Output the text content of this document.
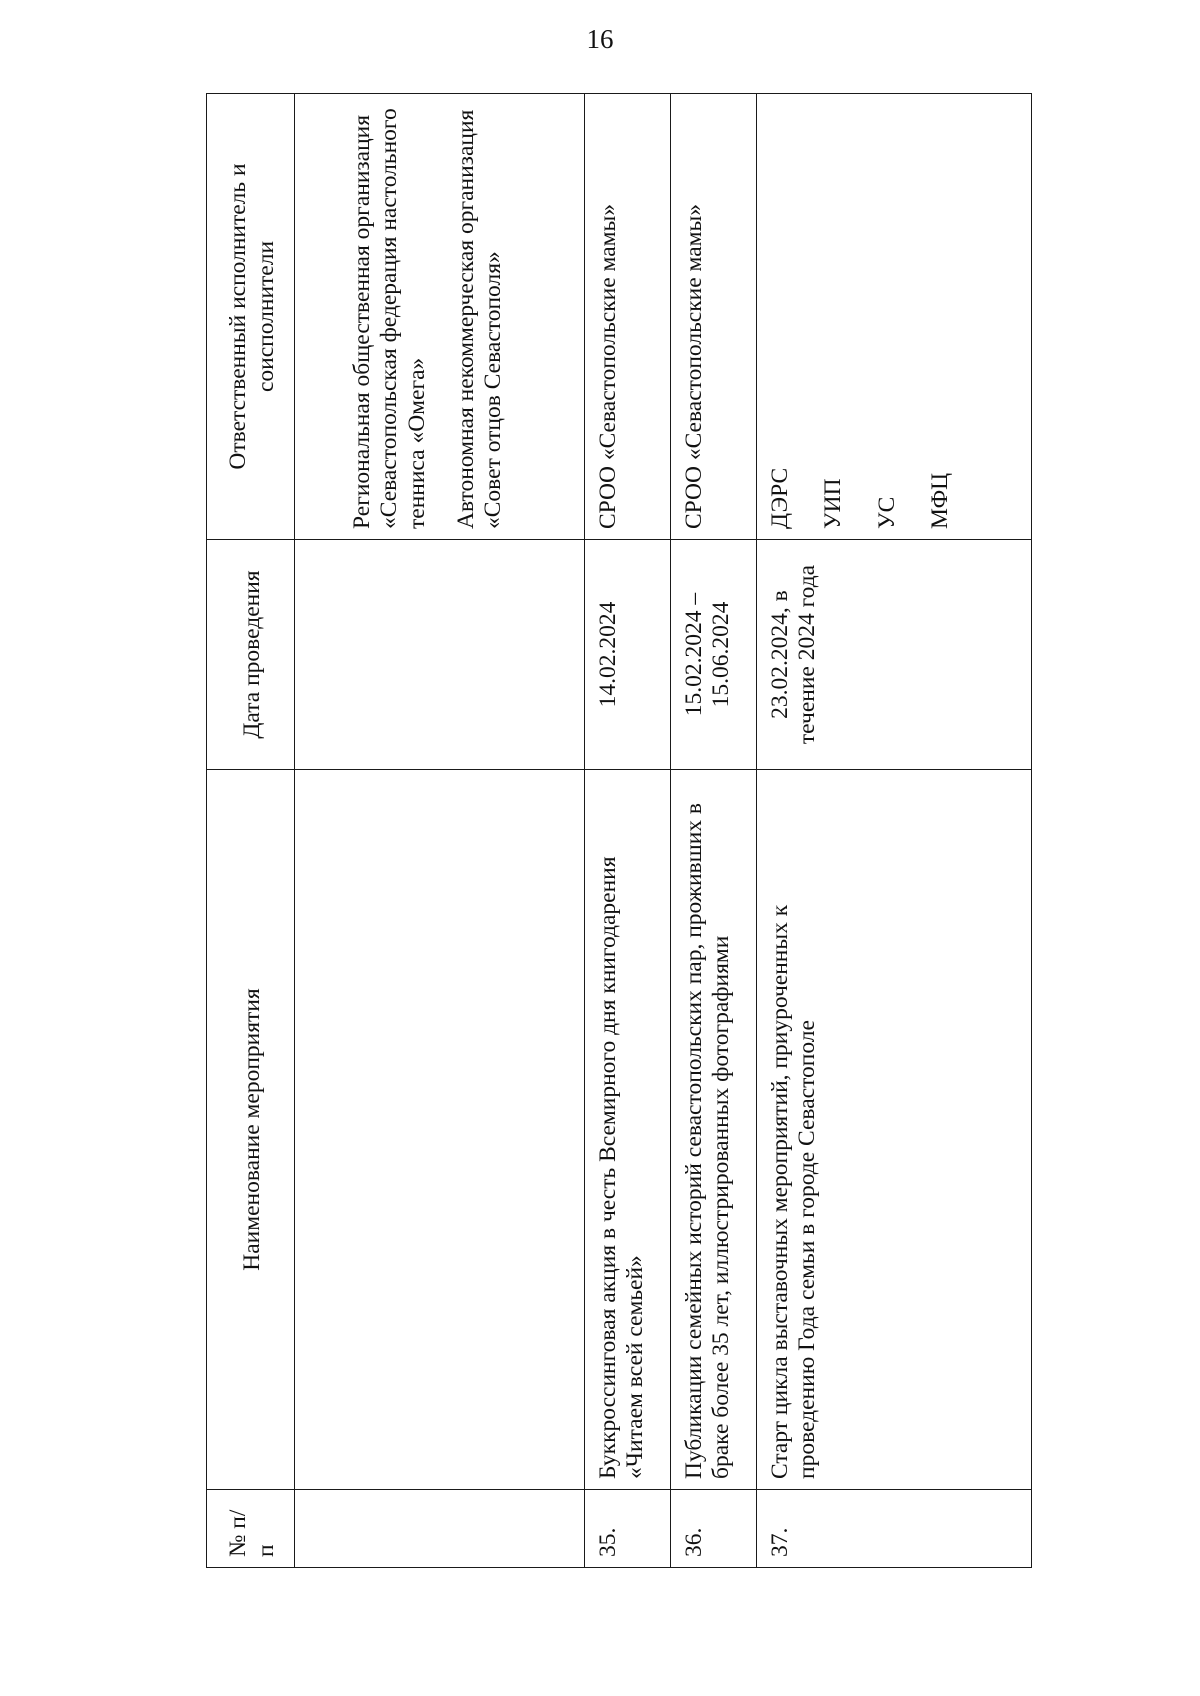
16
№ п/п	Наименование мероприятия	Дата проведения	Ответственный исполнитель и соисполнители

			Региональная общественная организация «Севастопольская федерация настольного тенниса «Омега» Автономная некоммерческая организация «Совет отцов Севастополя»

35.	Буккроссинговая акция в честь Всемирного дня книгодарения «Читаем всей семьей»	14.02.2024	СРОО «Севастопольские мамы»
36.	Публикации семейных историй севастопольских пар, проживших в браке более 35 лет, иллюстрированных фотографиями	15.02.2024 – 15.06.2024	СРОО «Севастопольские мамы»
37.	Старт цикла выставочных мероприятий, приуроченных к проведению Года семьи в городе Севастополе	23.02.2024, в течение 2024 года	ДЭРС УИП УС МФЦ
